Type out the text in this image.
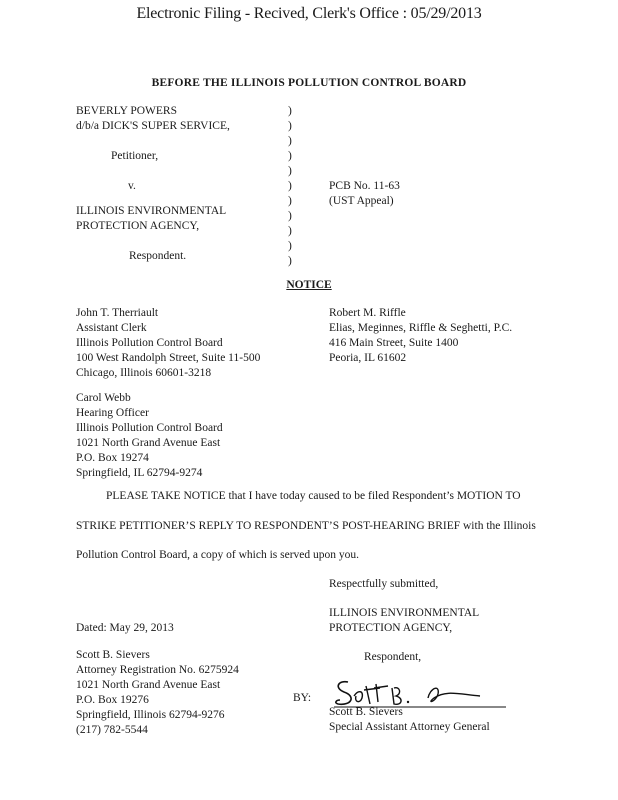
Electronic Filing - Recived, Clerk's Office : 05/29/2013
BEFORE THE ILLINOIS POLLUTION CONTROL BOARD
BEVERLY POWERS
d/b/a DICK'S SUPER SERVICE,
Petitioner,
v.
ILLINOIS ENVIRONMENTAL
PROTECTION AGENCY,
Respondent.
)
)
)
)
)
)
)
)
)
)
)
PCB No. 11-63
(UST Appeal)
NOTICE
John T. Therriault
Assistant Clerk
Illinois Pollution Control Board
100 West Randolph Street, Suite 11-500
Chicago, Illinois 60601-3218
Robert M. Riffle
Elias, Meginnes, Riffle & Seghetti, P.C.
416 Main Street, Suite 1400
Peoria, IL 61602
Carol Webb
Hearing Officer
Illinois Pollution Control Board
1021 North Grand Avenue East
P.O. Box 19274
Springfield, IL 62794-9274
PLEASE TAKE NOTICE that I have today caused to be filed Respondent’s MOTION TO
STRIKE PETITIONER’S REPLY TO RESPONDENT’S POST-HEARING BRIEF with the Illinois
Pollution Control Board, a copy of which is served upon you.
Respectfully submitted,
ILLINOIS ENVIRONMENTAL
PROTECTION AGENCY,
Dated: May 29, 2013
Respondent,
Scott B. Sievers
Attorney Registration No. 6275924
1021 North Grand Avenue East
P.O. Box 19276
Springfield, Illinois 62794-9276
(217) 782-5544
BY:
Scott B. Sievers
Special Assistant Attorney General
